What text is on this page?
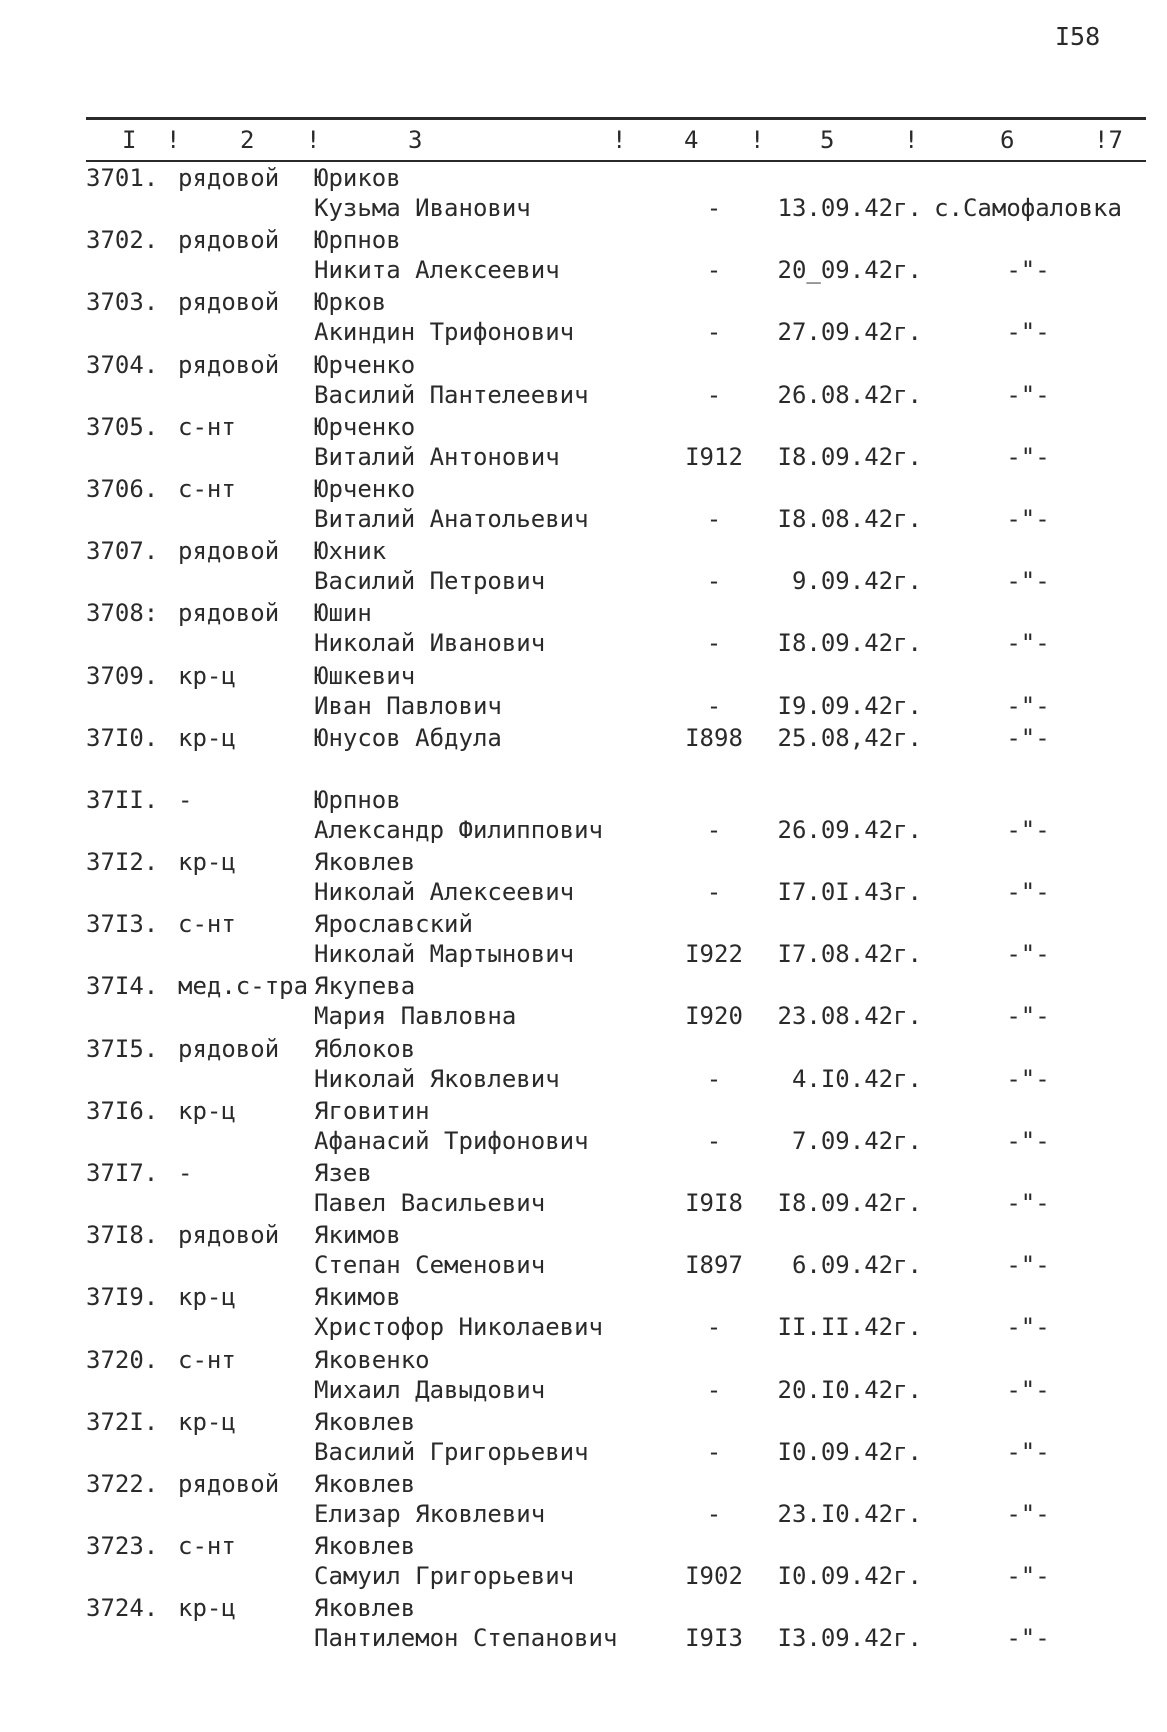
I58
I ! 2 !	3	! 4 ! 5	!	6	!7
3701. рядовой Юриков
Кузьма Иванович	-	13.09.42г. с.Самофаловка
3702. рядовой Юрпнов
Никита Алексеевич	-	20_09.42г.	-"-
3703. рядовой Юрков
Акиндин Трифонович	-	27.09.42г.	-"-
3704. рядовой Юрченко
Василий Пантелеевич	-	26.08.42г.	-"-
3705. с-нт	Юрченко
Виталий Антонович	I912	I8.09.42г.	-"-
3706. с-нт	Юрченко
Виталий Анатольевич	-	I8.08.42г.	-"-
3707. рядовой Юхник
Василий Петрович	-	9.09.42г.	-"-
3708: рядовой Юшин
Николай Иванович	-	I8.09.42г.	-"-
3709. кр-ц	Юшкевич
Иван Павлович	-	I9.09.42г.	-"-
37I0. кр-ц	Юнусов Абдула	I898	25.08,42г.	-"-
37II. -	Юрпнов
Александр Филиппович	-	26.09.42г.	-"-
37I2. кр-ц	Яковлев
Николай Алексеевич	-	I7.0I.43г.	-"-
37I3. с-нт	Ярославский
Николай Мартынович	I922	I7.08.42г.	-"-
37I4. мед.с-тра Якупева
Мария Павловна	I920	23.08.42г.	-"-
37I5. рядовой Яблоков
Николай Яковлевич	-	4.I0.42г.	-"-
37I6. кр-ц	Яговитин
Афанасий Трифонович	-	7.09.42г.	-"-
37I7. -	Язев
Павел Васильевич	I9I8	I8.09.42г.	-"-
37I8. рядовой Якимов
Степан Семенович	I897	6.09.42г.	-"-
37I9. кр-ц	Якимов
Христофор Николаевич	-	II.II.42г.	-"-
3720. с-нт	Яковенко
Михаил Давыдович	-	20.I0.42г.	-"-
372I. кр-ц	Яковлев
Василий Григорьевич	-	I0.09.42г.	-"-
3722. рядовой Яковлев
Елизар Яковлевич	-	23.I0.42г.	-"-
3723. с-нт	Яковлев
Самуил Григорьевич	I902	I0.09.42г.	-"-
3724. кр-ц	Яковлев
Пантилемон Степанович	I9I3	I3.09.42г.	-"-
